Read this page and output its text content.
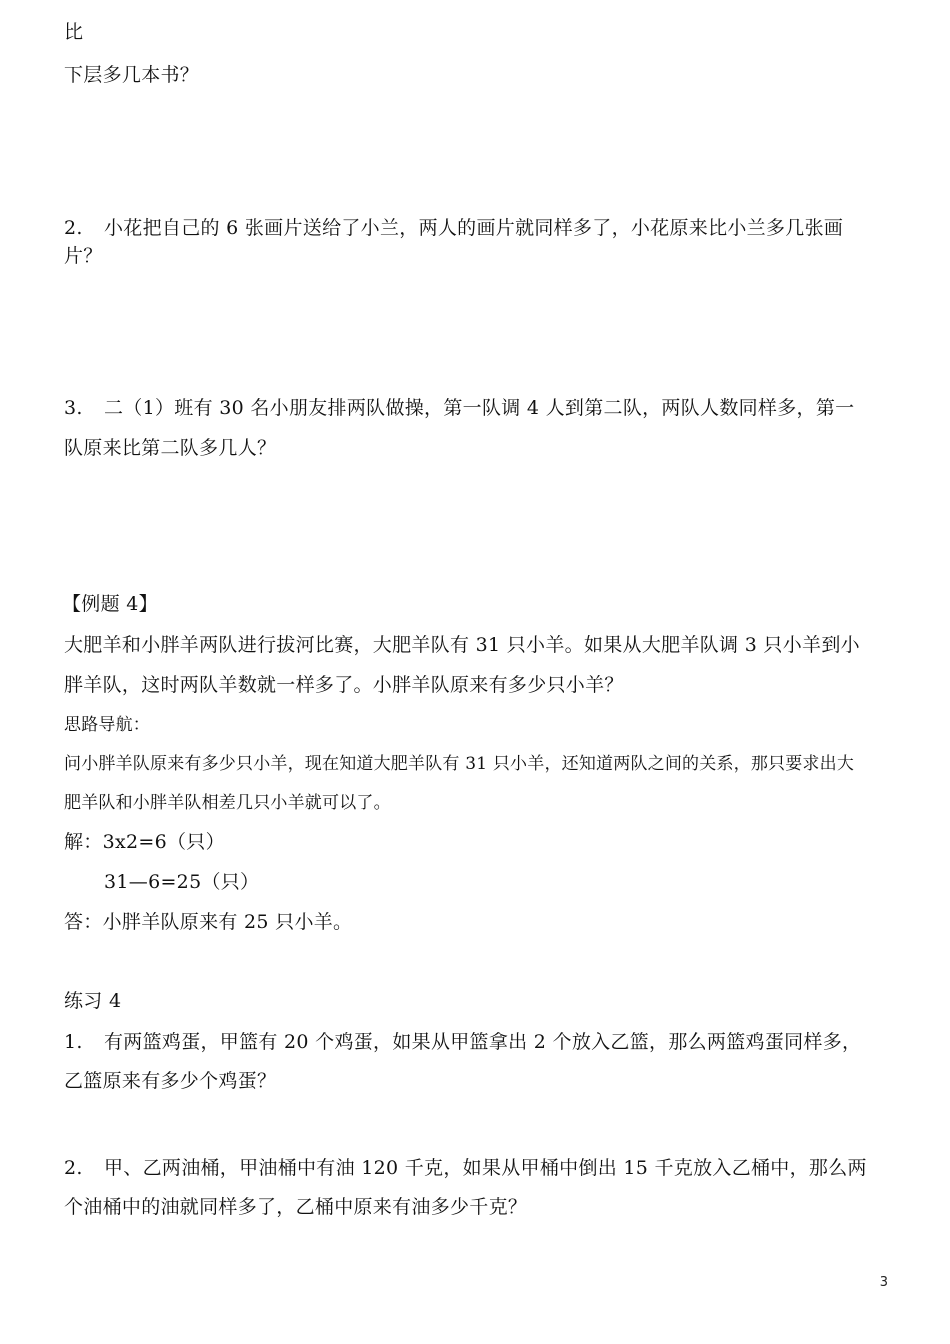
比

下层多几本书？

2. 小花把自己的 6 张画片送给了小兰，两人的画片就同样多了，小花原来比小兰多几张画

片？

3. 二（1）班有 30 名小朋友排两队做操，第一队调 4 人到第二队，两队人数同样多，第一

队原来比第二队多几人？

【例题 4】

大肥羊和小胖羊两队进行拔河比赛，大肥羊队有 31 只小羊。如果从大肥羊队调 3 只小羊到小

胖羊队，这时两队羊数就一样多了。小胖羊队原来有多少只小羊？

思路导航：

问小胖羊队原来有多少只小羊，现在知道大肥羊队有 31 只小羊，还知道两队之间的关系，那只要求出大

肥羊队和小胖羊队相差几只小羊就可以了。

解：3x2=6（只）

31—6=25（只）

答：小胖羊队原来有 25 只小羊。

练习 4

1. 有两篮鸡蛋，甲篮有 20 个鸡蛋，如果从甲篮拿出 2 个放入乙篮，那么两篮鸡蛋同样多，

乙篮原来有多少个鸡蛋？

2. 甲、乙两油桶，甲油桶中有油 120 千克，如果从甲桶中倒出 15 千克放入乙桶中，那么两

个油桶中的油就同样多了，乙桶中原来有油多少千克？

3
